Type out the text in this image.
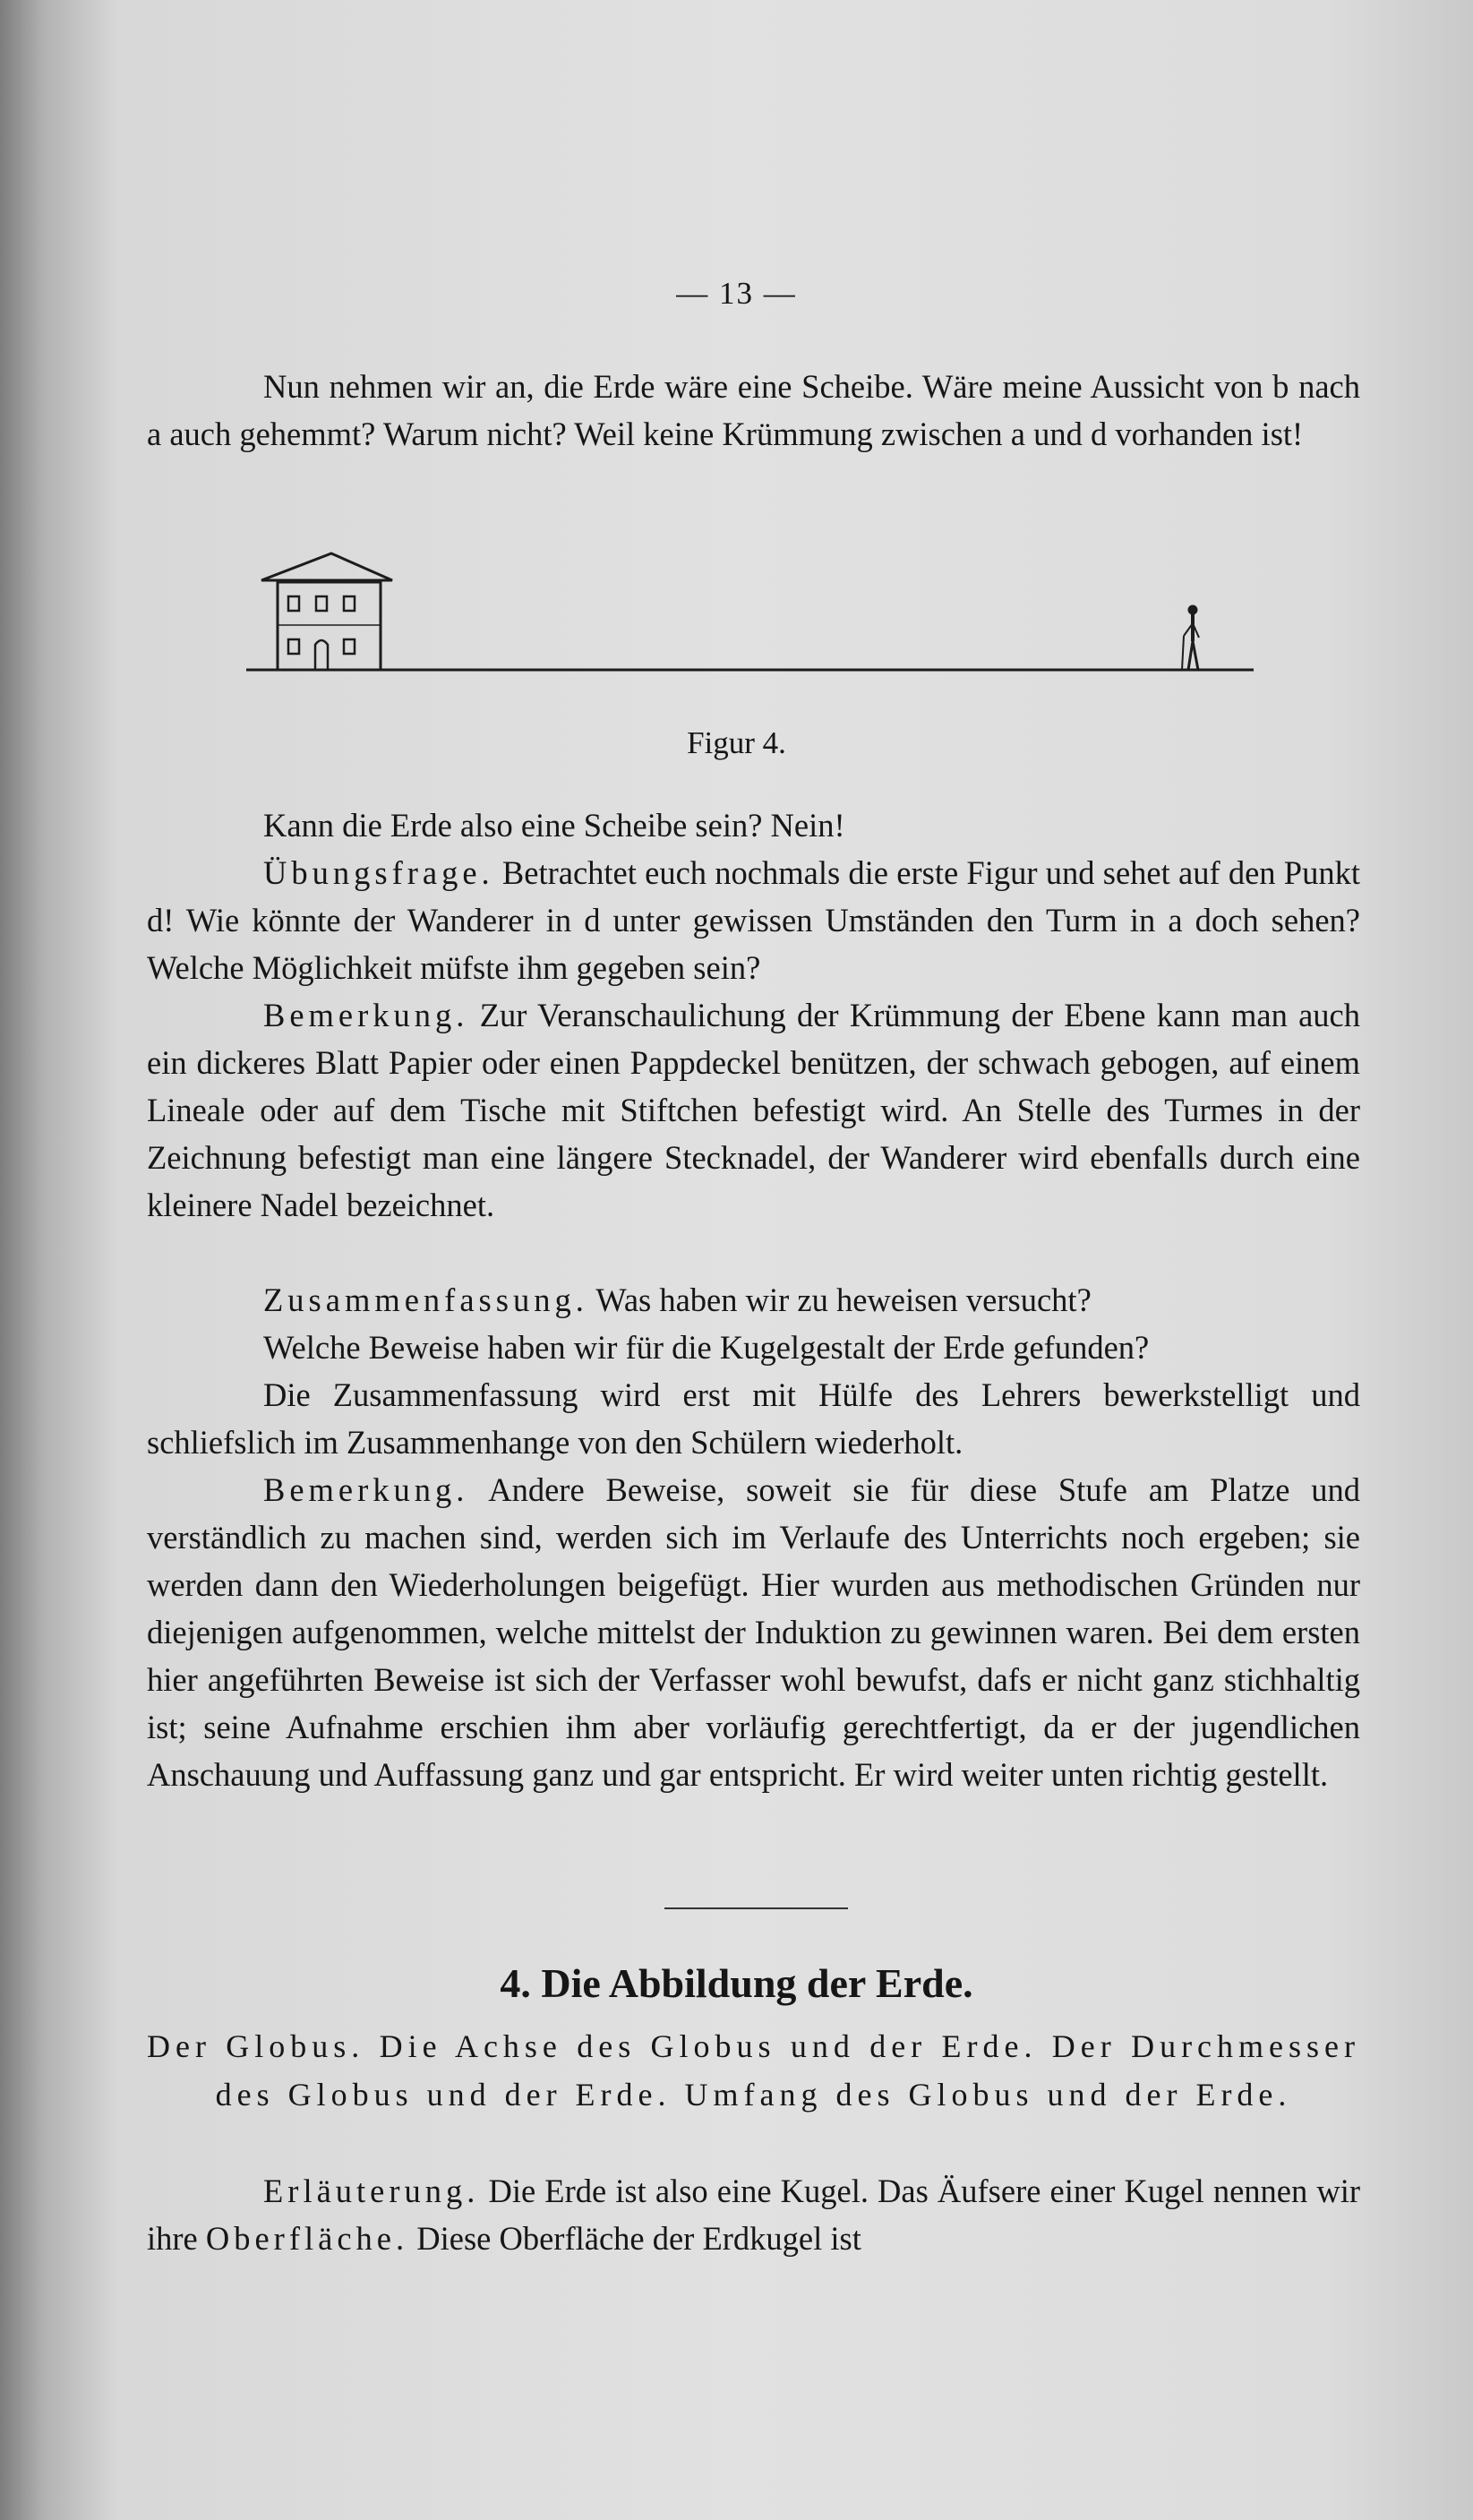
— 13 —

Nun nehmen wir an, die Erde wäre eine Scheibe. Wäre meine Aussicht von b nach a auch gehemmt? Warum nicht? Weil keine Krümmung zwischen a und d vorhanden ist!

Figur 4.

Kann die Erde also eine Scheibe sein? Nein!

Übungsfrage. Betrachtet euch nochmals die erste Figur und sehet auf den Punkt d! Wie könnte der Wanderer in d unter gewissen Umständen den Turm in a doch sehen? Welche Möglichkeit müfste ihm gegeben sein?

Bemerkung. Zur Veranschaulichung der Krümmung der Ebene kann man auch ein dickeres Blatt Papier oder einen Pappdeckel benützen, der schwach gebogen, auf einem Lineale oder auf dem Tische mit Stiftchen befestigt wird. An Stelle des Turmes in der Zeichnung befestigt man eine längere Stecknadel, der Wanderer wird ebenfalls durch eine kleinere Nadel bezeichnet.

Zusammenfassung. Was haben wir zu heweisen versucht?

Welche Beweise haben wir für die Kugelgestalt der Erde gefunden?

Die Zusammenfassung wird erst mit Hülfe des Lehrers bewerkstelligt und schliefslich im Zusammenhange von den Schülern wiederholt.

Bemerkung. Andere Beweise, soweit sie für diese Stufe am Platze und verständlich zu machen sind, werden sich im Verlaufe des Unterrichts noch ergeben; sie werden dann den Wiederholungen beigefügt. Hier wurden aus methodischen Gründen nur diejenigen aufgenommen, welche mittelst der Induktion zu gewinnen waren. Bei dem ersten hier angeführten Beweise ist sich der Verfasser wohl bewufst, dafs er nicht ganz stichhaltig ist; seine Aufnahme erschien ihm aber vorläufig gerechtfertigt, da er der jugendlichen Anschauung und Auffassung ganz und gar entspricht. Er wird weiter unten richtig gestellt.

4. Die Abbildung der Erde.

Der Globus. Die Achse des Globus und der Erde. Der Durchmesser des Globus und der Erde. Umfang des Globus und der Erde.

Erläuterung. Die Erde ist also eine Kugel. Das Äufsere einer Kugel nennen wir ihre Oberfläche. Diese Oberfläche der Erdkugel ist
